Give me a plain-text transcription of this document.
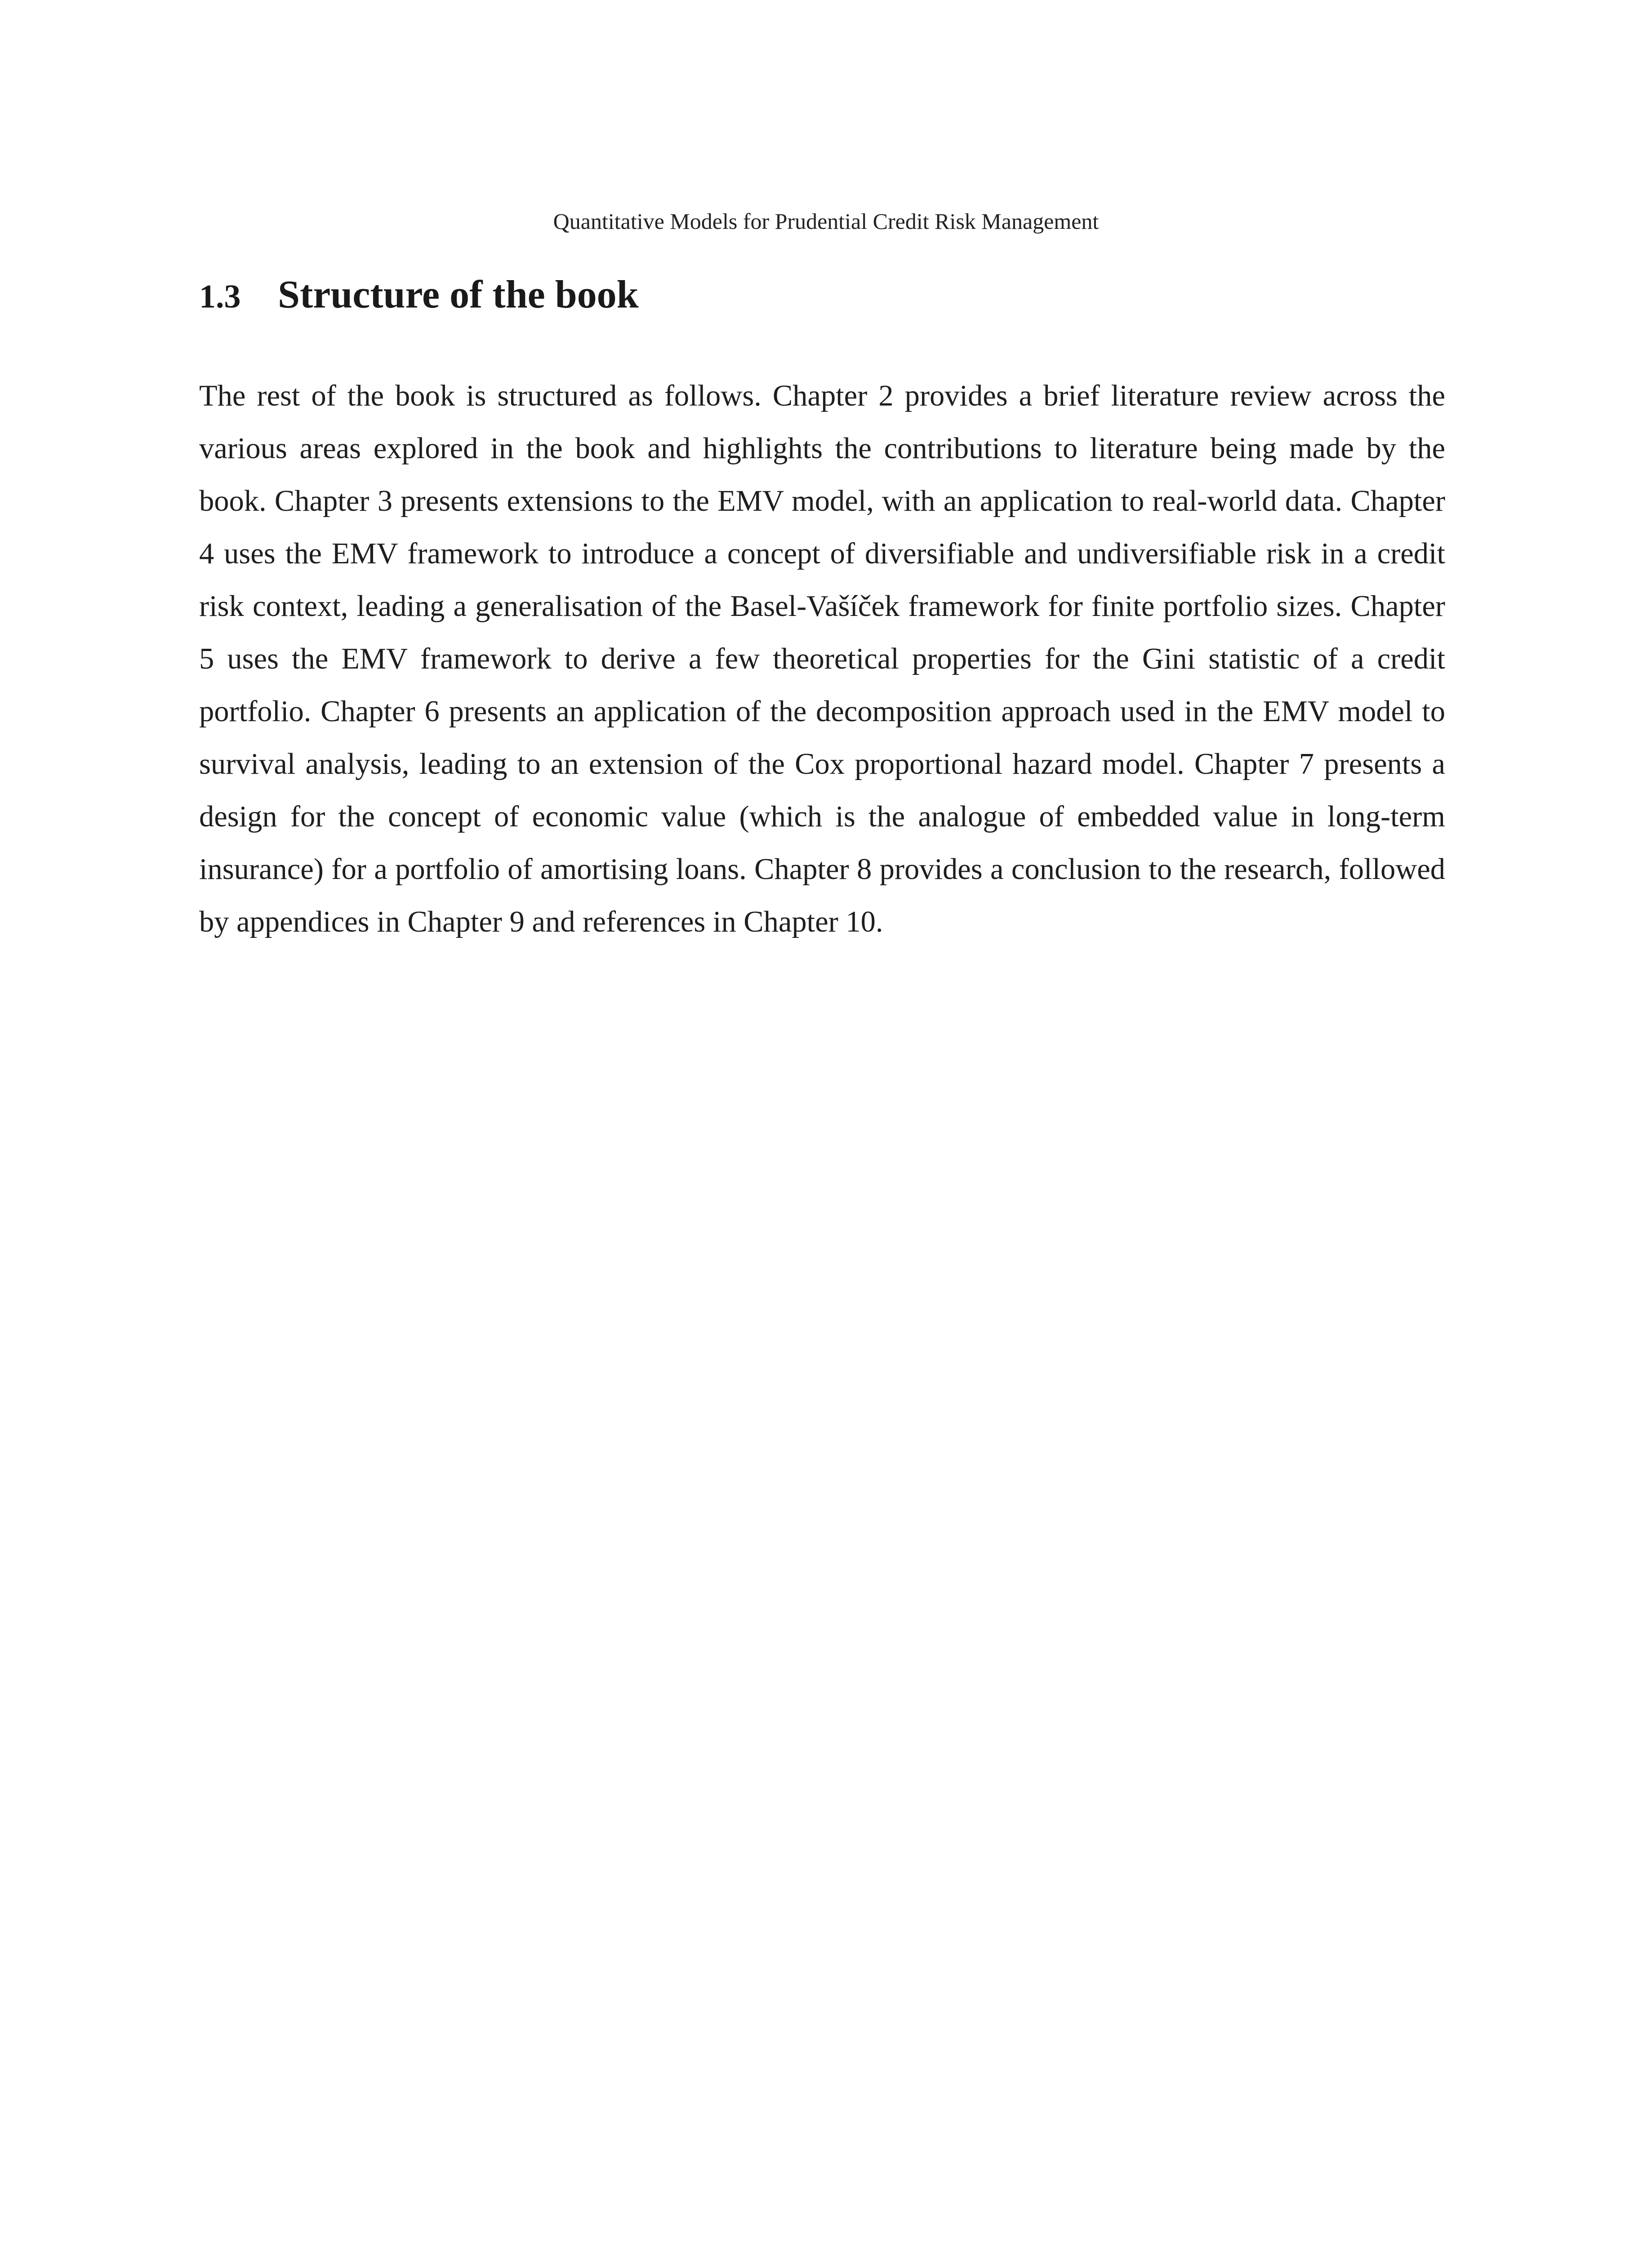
Quantitative Models for Prudential Credit Risk Management
1.3 Structure of the book

The rest of the book is structured as follows. Chapter 2 provides a brief literature review across the various areas explored in the book and highlights the contributions to literature being made by the book. Chapter 3 presents extensions to the EMV model, with an application to real-world data. Chapter 4 uses the EMV framework to introduce a concept of diversifiable and undiversifiable risk in a credit risk context, leading a generalisation of the Basel-Vašíček framework for finite portfolio sizes. Chapter 5 uses the EMV framework to derive a few theoretical properties for the Gini statistic of a credit portfolio. Chapter 6 presents an application of the decomposition approach used in the EMV model to survival analysis, leading to an extension of the Cox proportional hazard model. Chapter 7 presents a design for the concept of economic value (which is the analogue of embedded value in long-term insurance) for a portfolio of amortising loans. Chapter 8 provides a conclusion to the research, followed by appendices in Chapter 9 and references in Chapter 10.
